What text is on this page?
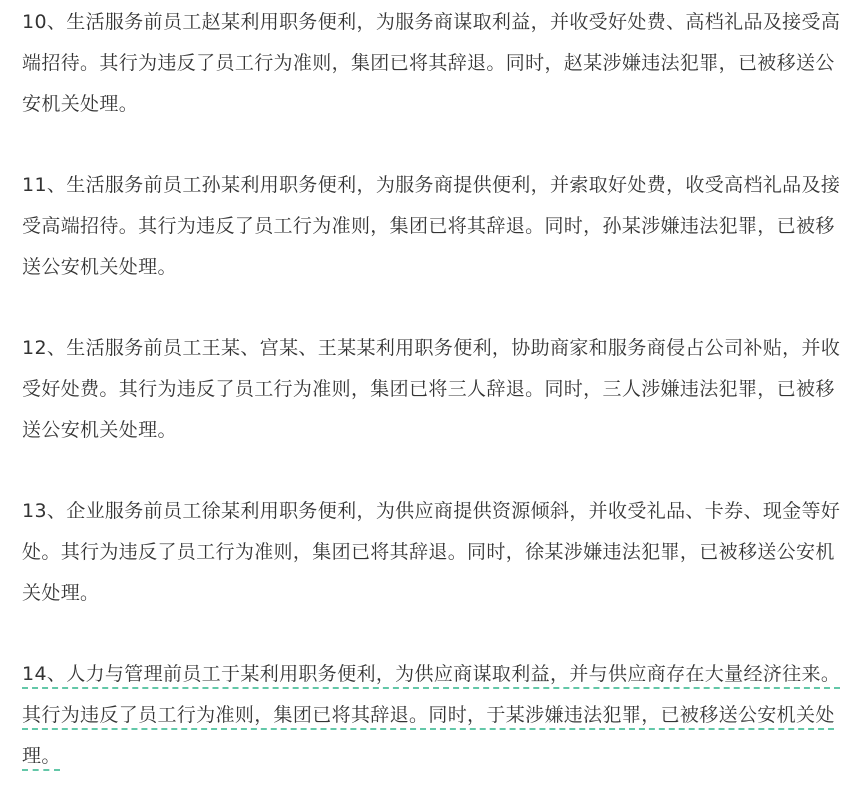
10、生活服务前员工赵某利用职务便利，为服务商谋取利益，并收受好处费、高档礼品及接受高端招待。其行为违反了员工行为准则，集团已将其辞退。同时，赵某涉嫌违法犯罪，已被移送公安机关处理。

11、生活服务前员工孙某利用职务便利，为服务商提供便利，并索取好处费，收受高档礼品及接受高端招待。其行为违反了员工行为准则，集团已将其辞退。同时，孙某涉嫌违法犯罪，已被移送公安机关处理。

12、生活服务前员工王某、宫某、王某某利用职务便利，协助商家和服务商侵占公司补贴，并收受好处费。其行为违反了员工行为准则，集团已将三人辞退。同时，三人涉嫌违法犯罪，已被移送公安机关处理。

13、企业服务前员工徐某利用职务便利，为供应商提供资源倾斜，并收受礼品、卡券、现金等好处。其行为违反了员工行为准则，集团已将其辞退。同时，徐某涉嫌违法犯罪，已被移送公安机关处理。

14、人力与管理前员工于某利用职务便利，为供应商谋取利益，并与供应商存在大量经济往来。其行为违反了员工行为准则，集团已将其辞退。同时，于某涉嫌违法犯罪，已被移送公安机关处理。
